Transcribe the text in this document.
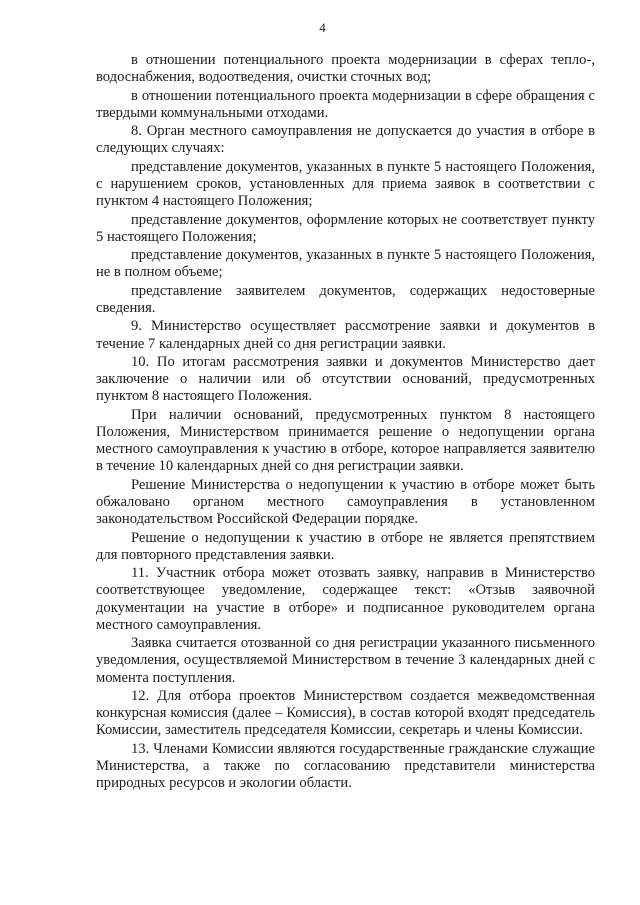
4

в отношении потенциального проекта модернизации в сферах тепло-, водоснабжения, водоотведения, очистки сточных вод;

в отношении потенциального проекта модернизации в сфере обращения с твердыми коммунальными отходами.

8. Орган местного самоуправления не допускается до участия в отборе в следующих случаях:

представление документов, указанных в пункте 5 настоящего Положения, с нарушением сроков, установленных для приема заявок в соответствии с пунктом 4 настоящего Положения;

представление документов, оформление которых не соответствует пункту 5 настоящего Положения;

представление документов, указанных в пункте 5 настоящего Положения, не в полном объеме;

представление заявителем документов, содержащих недостоверные сведения.

9. Министерство осуществляет рассмотрение заявки и документов в течение 7 календарных дней со дня регистрации заявки.

10. По итогам рассмотрения заявки и документов Министерство дает заключение о наличии или об отсутствии оснований, предусмотренных пунктом 8 настоящего Положения.

При наличии оснований, предусмотренных пунктом 8 настоящего Положения, Министерством принимается решение о недопущении органа местного самоуправления к участию в отборе, которое направляется заявителю в течение 10 календарных дней со дня регистрации заявки.

Решение Министерства о недопущении к участию в отборе может быть обжаловано органом местного самоуправления в установленном законодательством Российской Федерации порядке.

Решение о недопущении к участию в отборе не является препятствием для повторного представления заявки.

11. Участник отбора может отозвать заявку, направив в Министерство соответствующее уведомление, содержащее текст: «Отзыв заявочной документации на участие в отборе» и подписанное руководителем органа местного самоуправления.

Заявка считается отозванной со дня регистрации указанного письменного уведомления, осуществляемой Министерством в течение 3 календарных дней с момента поступления.

12. Для отбора проектов Министерством создается межведомственная конкурсная комиссия (далее – Комиссия), в состав которой входят председатель Комиссии, заместитель председателя Комиссии, секретарь и члены Комиссии.

13. Членами Комиссии являются государственные гражданские служащие Министерства, а также по согласованию представители министерства природных ресурсов и экологии области.
